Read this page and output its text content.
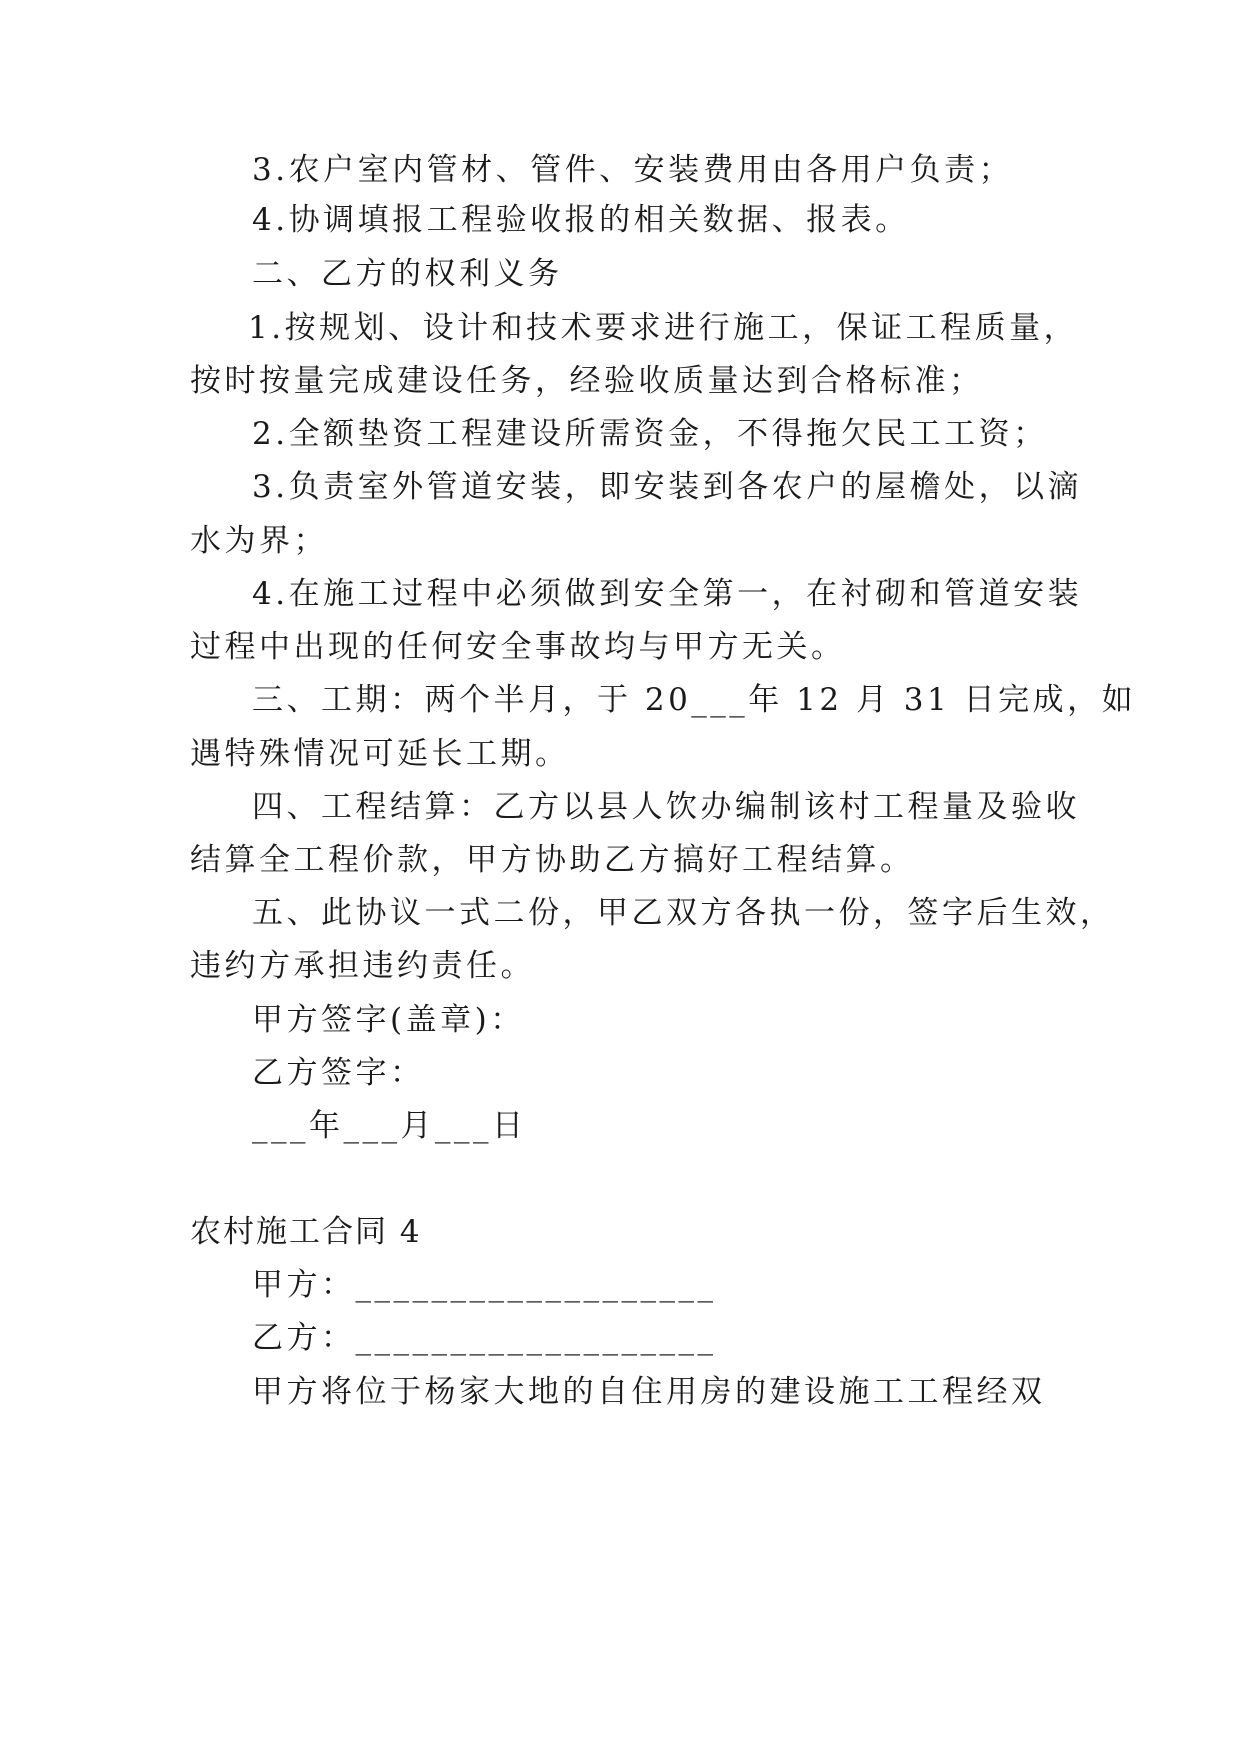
3.农户室内管材、管件、安装费用由各用户负责；
4.协调填报工程验收报的相关数据、报表。
二、乙方的权利义务
1.按规划、设计和技术要求进行施工，保证工程质量，
按时按量完成建设任务，经验收质量达到合格标准；
2.全额垫资工程建设所需资金，不得拖欠民工工资；
3.负责室外管道安装，即安装到各农户的屋檐处，以滴
水为界；
4.在施工过程中必须做到安全第一，在衬砌和管道安装
过程中出现的任何安全事故均与甲方无关。
三、工期：两个半月，于 20___年 12 月 31 日完成，如
遇特殊情况可延长工期。
四、工程结算：乙方以县人饮办编制该村工程量及验收
结算全工程价款，甲方协助乙方搞好工程结算。
五、此协议一式二份，甲乙双方各执一份，签字后生效，
违约方承担违约责任。
甲方签字(盖章)：
乙方签字：
___年___月___日
农村施工合同 4
甲方：___________________
乙方：___________________
甲方将位于杨家大地的自住用房的建设施工工程经双
